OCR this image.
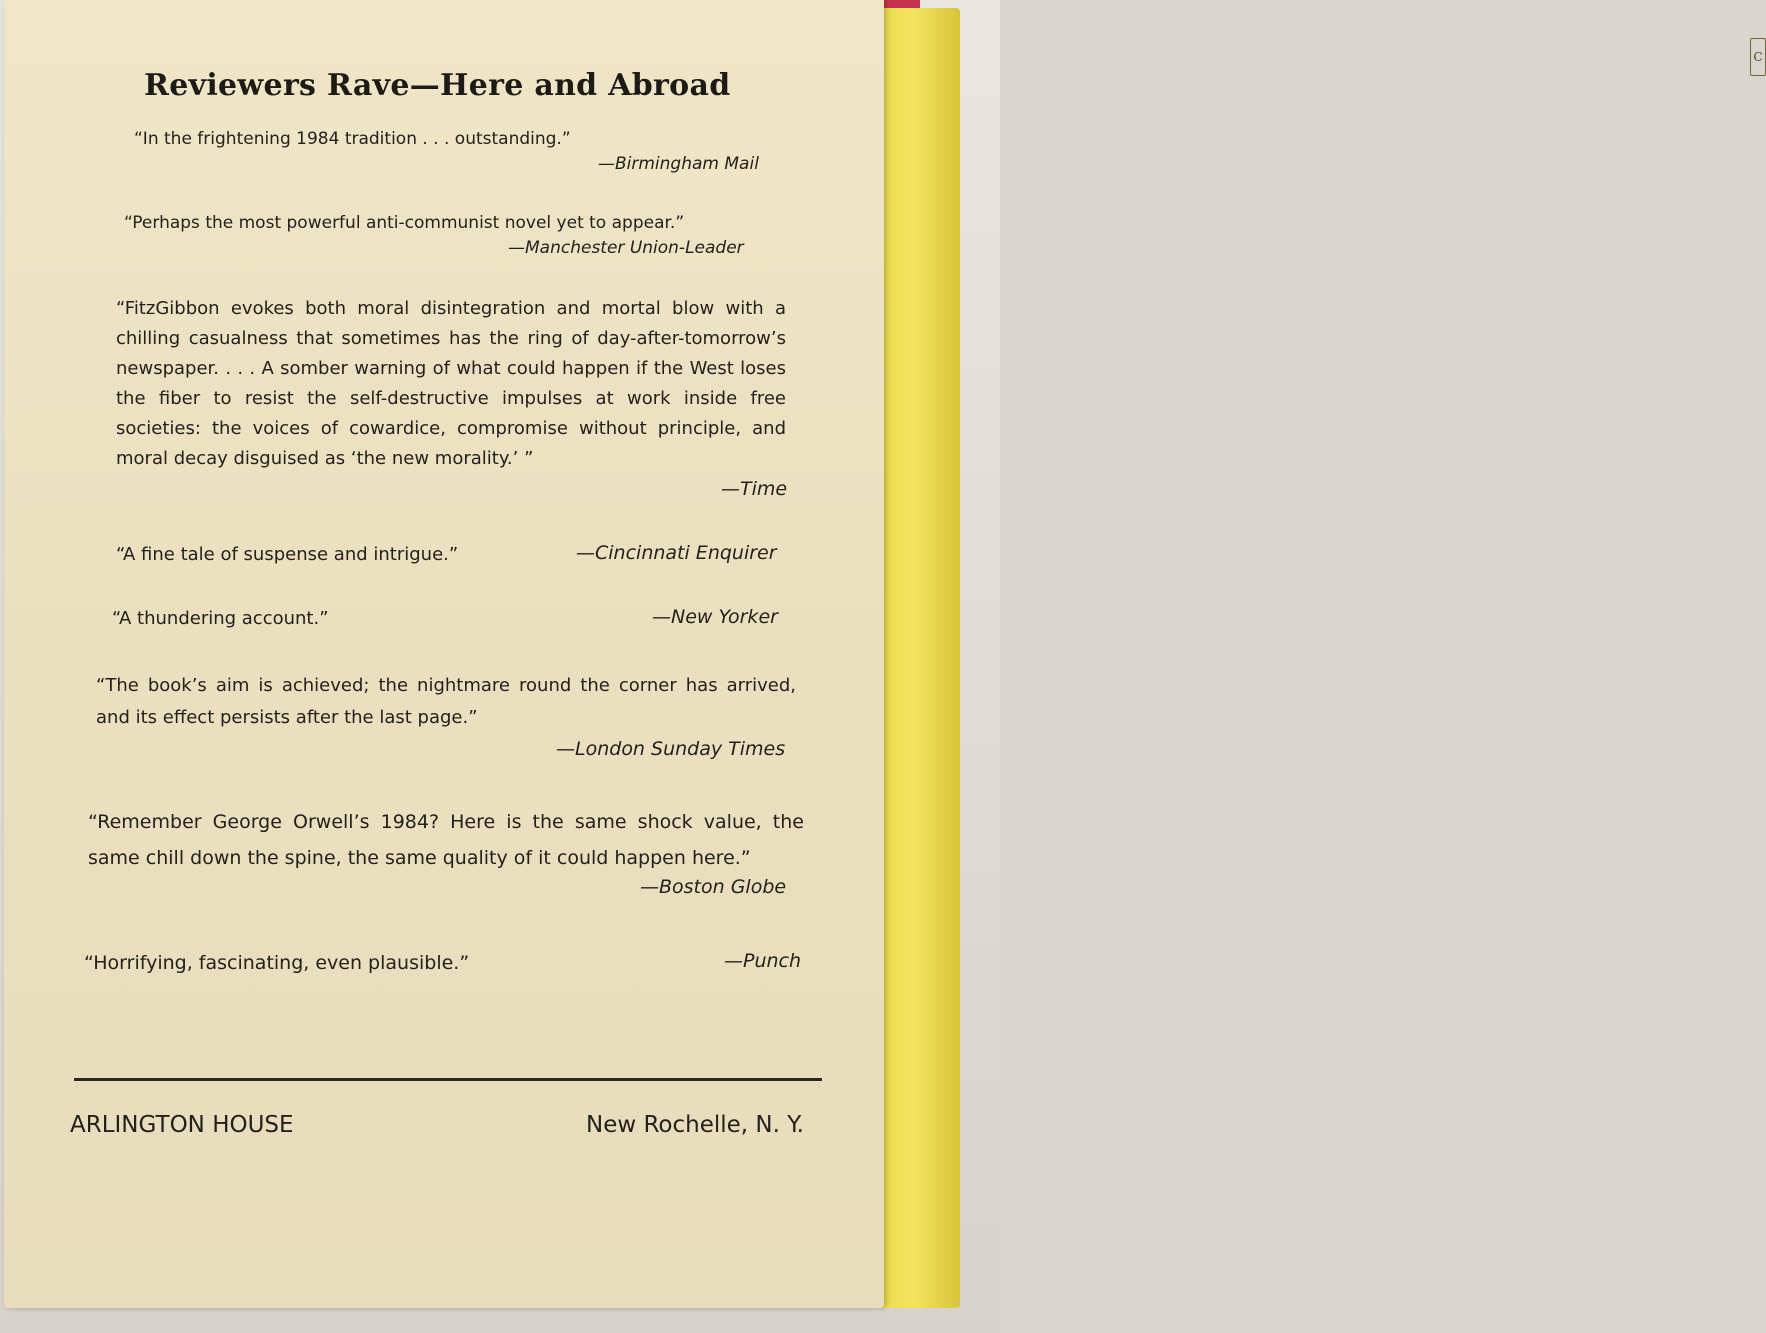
C
Reviewers Rave—Here and Abroad
“In the frightening 1984 tradition . . . outstanding.”
—Birmingham Mail
“Perhaps the most powerful anti-communist novel yet to appear.”
—Manchester Union-Leader
“FitzGibbon evokes both moral disintegration and mortal blow with a chilling casualness that sometimes has the ring of day-after-tomorrow’s newspaper. . . . A somber warning of what could happen if the West loses the fiber to resist the self-destructive impulses at work inside free societies: the voices of cowardice, compromise without principle, and moral decay disguised as ‘the new morality.’ ”
—Time
“A fine tale of suspense and intrigue.”	—Cincinnati Enquirer
“A thundering account.”	—New Yorker
“The book’s aim is achieved; the nightmare round the corner has arrived, and its effect persists after the last page.”
—London Sunday Times
“Remember George Orwell’s 1984? Here is the same shock value, the same chill down the spine, the same quality of it could happen here.”
—Boston Globe
“Horrifying, fascinating, even plausible.”	—Punch
ARLINGTON HOUSE	New Rochelle, N. Y.
